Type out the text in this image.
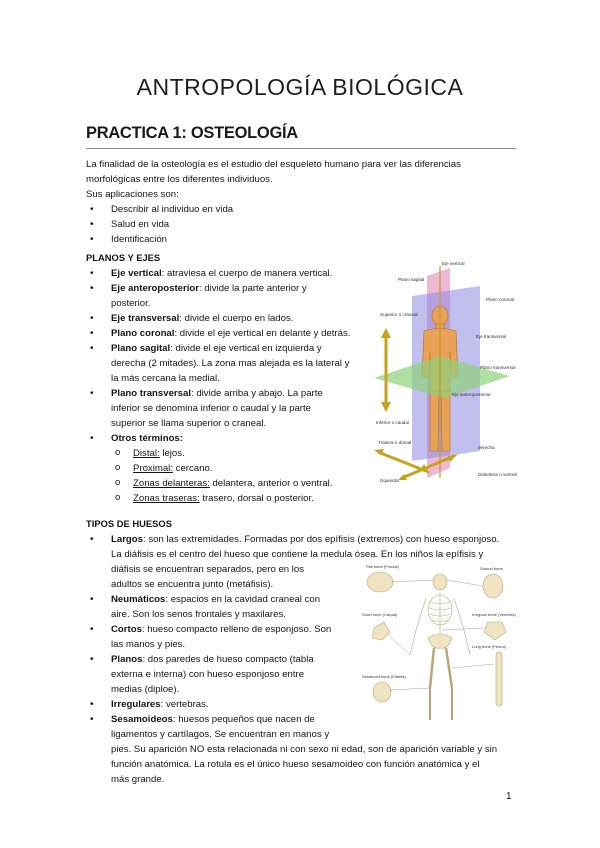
ANTROPOLOGÍA BIOLÓGICA
PRACTICA 1: OSTEOLOGÍA
La finalidad de la osteología es el estudio del esqueleto humano para ver las diferencias
morfológicas entre los diferentes individuos.
Sus aplicaciones son:
• Describir al individuo en vida
• Salud en vida
• Identificación
PLANOS Y EJES
• Eje vertical: atraviesa el cuerpo de manera vertical.
• Eje anteroposterior: divide la parte anterior y
posterior.
• Eje transversal: divide el cuerpo en lados.
• Plano coronal: divide el eje vertical en delante y detrás.
• Plano sagital: divide el eje vertical en izquierda y
derecha (2 mitades). La zona mas alejada es la lateral y
la más cercana la medial.
• Plano transversal: divide arriba y abajo. La parte
inferior se denomina inferior o caudal y la parte
superior se llama superior o craneal.
• Otros términos:
o Distal: lejos.
o Proximal: cercano.
o Zonas delanteras: delantera, anterior o ventral.
o Zonas traseras: trasero, dorsal o posterior.
Eje vertical
Plano sagital
Plano coronal
Eje transversal
Superior o craneal
Plano transversal
Inferior o caudal
Eje anteroposterior
Trasera o dorsal
derecha
izquierda
Delantera o ventral
TIPOS DE HUESOS
• Largos: son las extremidades. Formadas por dos epífisis (extremos) con hueso esponjoso.
La diáfisis es el centro del hueso que contiene la medula ósea. En los niños la epífisis y
diáfisis se encuentran separados, pero en los
adultos se encuentra junto (metáfisis).
• Neumáticos: espacios en la cavidad craneal con
aire. Son los senos frontales y maxilares.
• Cortos: hueso compacto relleno de esponjoso. Son
las manos y pies.
• Planos: dos paredes de hueso compacto (tabla
externa e interna) con hueso esponjoso entre
medias (diploe).
• Irregulares: vertebras.
• Sesamoideos: huesos pequeños que nacen de
ligamentos y cartílagos. Se encuentran en manos y
pies. Su aparición NO esta relacionada ni con sexo ni edad, son de aparición variable y sin
función anatómica. La rotula es el único hueso sesamoideo con función anatómica y el
más grande.
Flat bone (Frontal)	Sutural bone
Short bone (Carpal)	Irregular bone (Vertebra)
Long bone (Femur)
Sesamoid bone (Patella)
1
